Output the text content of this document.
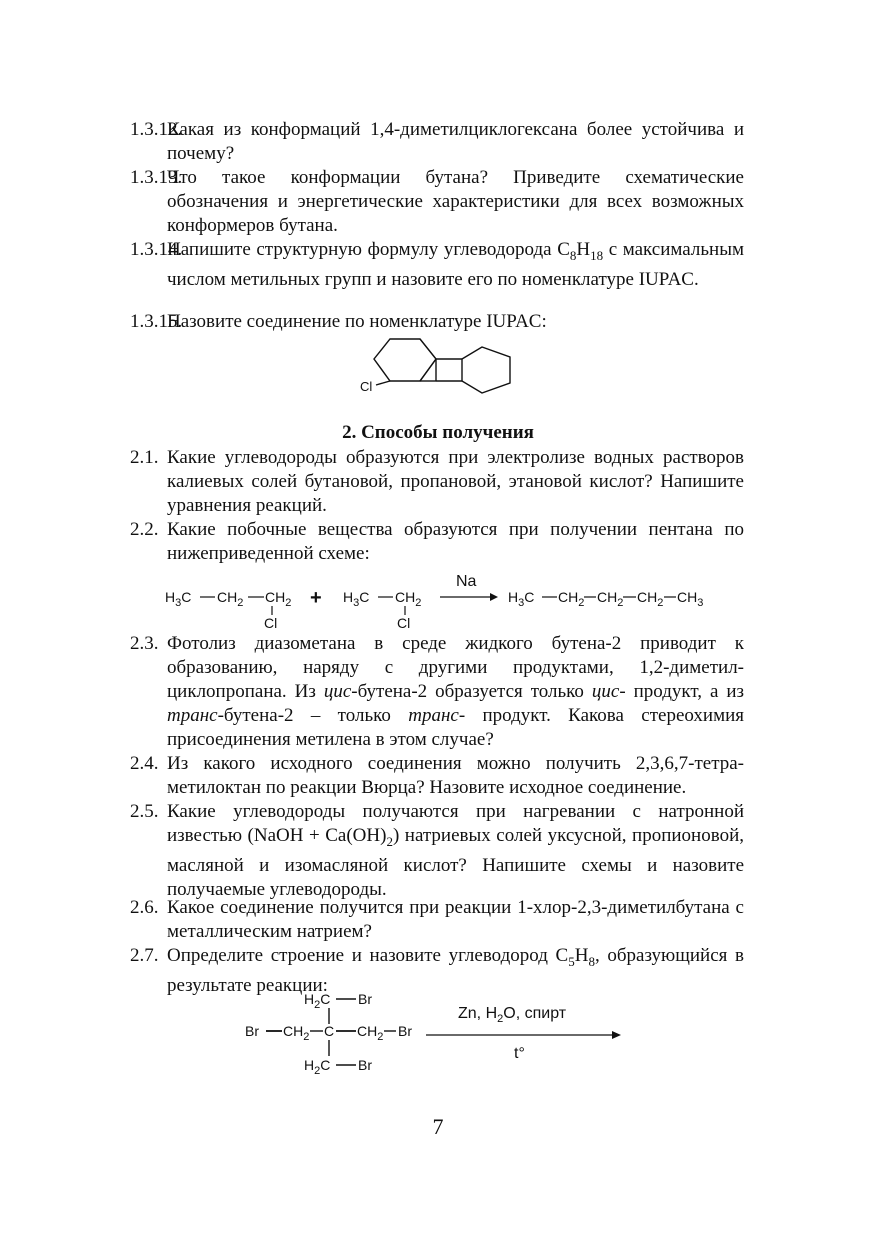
1.3.12.
Какая из конформаций 1,4-диметилциклогексана более устойчива и почему?
1.3.13.
Что такое конформации бутана? Приведите схематические обозначения и энергетические характеристики для всех возможных конформеров бутана.
1.3.14.
Напишите структурную формулу углеводорода $C_8H_{18}$ с максимальным числом метильных групп и назовите его по номенклатуре IUPAC.
1.3.15.
Назовите соединение по номенклатуре IUPAC:
Cl
2. Способы получения
2.1. Какие углеводороды образуются при электролизе водных растворов калиевых солей бутановой, пропановой, этановой кислот? Напишите уравнения реакций.
2.2. Какие побочные вещества образуются при получении пентана по нижеприведенной схеме:
$H_3C$ $CH_2$ $CH_2$
Cl
+ $H_3C$ $CH_2$
Cl
Na
$H_3C$ $CH_2$ $CH_2$ $CH_2$ $CH_3$
2.3. Фотолиз диазометана в среде жидкого бутена-2 приводит к образованию, наряду с другими продуктами, 1,2-диметил-циклопропана. Из цис-бутена-2 образуется только цис- продукт, а из транс-бутена-2 – только транс- продукт. Какова стереохимия присоединения метилена в этом случае?
2.4. Из какого исходного соединения можно получить 2,3,6,7-тетра-метилоктан по реакции Вюрца? Назовите исходное соединение.
2.5. Какие углеводороды получаются при нагревании с натронной известью (NaOH + $Ca(OH)_2$) натриевых солей уксусной, пропионовой, масляной и изомасляной кислот? Напишите схемы и назовите получаемые углеводороды.
2.6. Какое соединение получится при реакции 1-хлор-2,3-диметилбутана с металлическим натрием?
2.7. Определите строение и назовите углеводород $C_5H_8$, образующийся в результате реакции:
$H_2C$ Br
Br $CH_2$ C $CH_2$ Br
$H_2C$ Br
Zn, $H_2O$, спирт
t°
7
